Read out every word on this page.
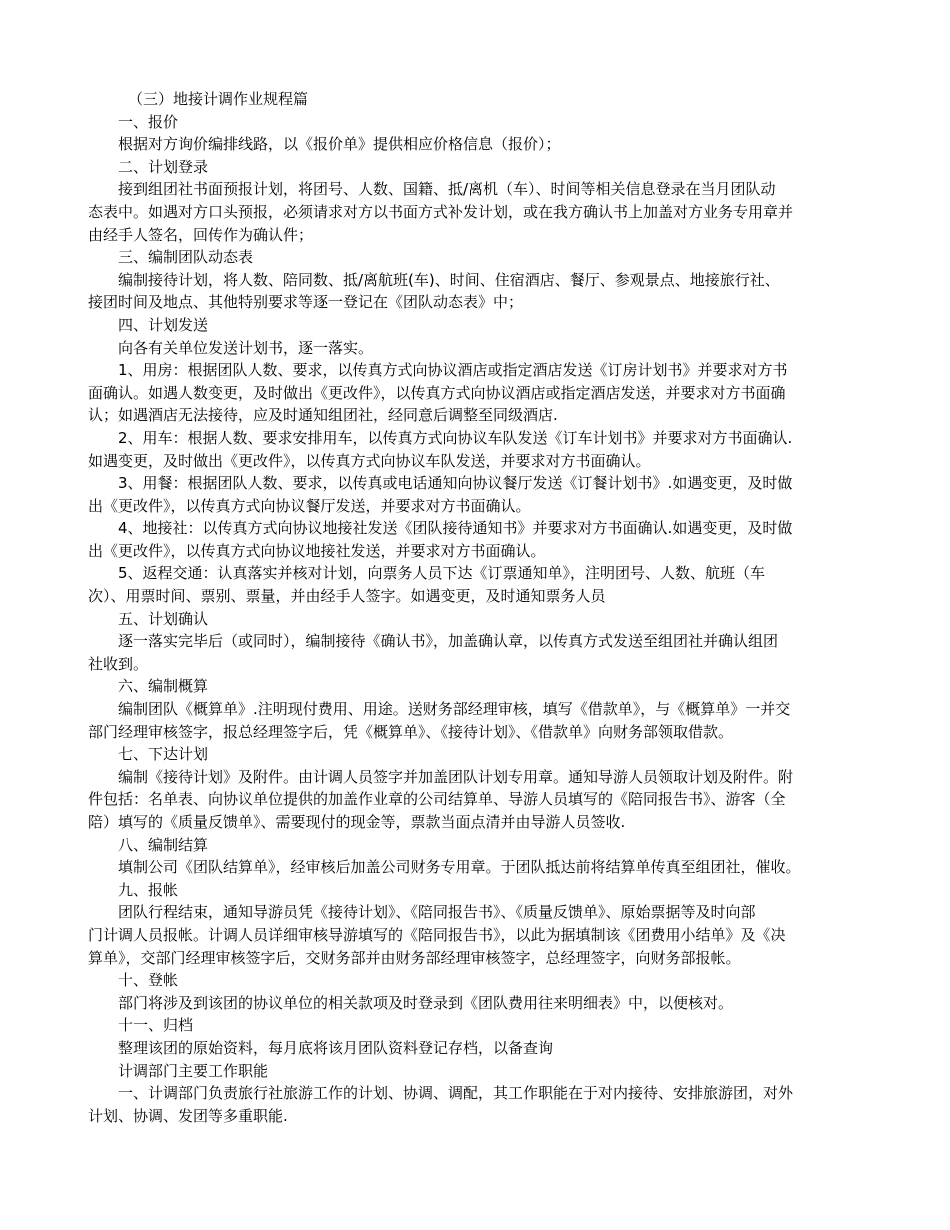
（三）地接计调作业规程篇
一、报价
根据对方询价编排线路，以《报价单》提供相应价格信息（报价）；
二、计划登录
接到组团社书面预报计划，将团号、人数、国籍、抵/离机（车）、时间等相关信息登录在当月团队动
态表中。如遇对方口头预报，必须请求对方以书面方式补发计划，或在我方确认书上加盖对方业务专用章并
由经手人签名，回传作为确认件；
三、编制团队动态表
编制接待计划，将人数、陪同数、抵/离航班(车)、时间、住宿酒店、餐厅、参观景点、地接旅行社、
接团时间及地点、其他特别要求等逐一登记在《团队动态表》中；
四、计划发送
向各有关单位发送计划书，逐一落实。
1、用房：根据团队人数、要求，以传真方式向协议酒店或指定酒店发送《订房计划书》并要求对方书
面确认。如遇人数变更，及时做出《更改件》，以传真方式向协议酒店或指定酒店发送，并要求对方书面确
认；如遇酒店无法接待，应及时通知组团社，经同意后调整至同级酒店.
2、用车：根据人数、要求安排用车，以传真方式向协议车队发送《订车计划书》并要求对方书面确认.
如遇变更，及时做出《更改件》，以传真方式向协议车队发送，并要求对方书面确认。
3、用餐：根据团队人数、要求，以传真或电话通知向协议餐厅发送《订餐计划书》.如遇变更，及时做
出《更改件》，以传真方式向协议餐厅发送，并要求对方书面确认。
4、地接社：以传真方式向协议地接社发送《团队接待通知书》并要求对方书面确认.如遇变更，及时做
出《更改件》，以传真方式向协议地接社发送，并要求对方书面确认。
5、返程交通：认真落实并核对计划，向票务人员下达《订票通知单》，注明团号、人数、航班（车
次）、用票时间、票别、票量，并由经手人签字。如遇变更，及时通知票务人员
五、计划确认
逐一落实完毕后（或同时），编制接待《确认书》，加盖确认章，以传真方式发送至组团社并确认组团
社收到。
六、编制概算
编制团队《概算单》.注明现付费用、用途。送财务部经理审核，填写《借款单》，与《概算单》一并交
部门经理审核签字，报总经理签字后，凭《概算单》、《接待计划》、《借款单》向财务部领取借款。
七、下达计划
编制《接待计划》及附件。由计调人员签字并加盖团队计划专用章。通知导游人员领取计划及附件。附
件包括：名单表、向协议单位提供的加盖作业章的公司结算单、导游人员填写的《陪同报告书》、游客（全
陪）填写的《质量反馈单》、需要现付的现金等，票款当面点清并由导游人员签收.
八、编制结算
填制公司《团队结算单》，经审核后加盖公司财务专用章。于团队抵达前将结算单传真至组团社，催收。
九、报帐
团队行程结束，通知导游员凭《接待计划》、《陪同报告书》、《质量反馈单》、原始票据等及时向部
门计调人员报帐。计调人员详细审核导游填写的《陪同报告书》，以此为据填制该《团费用小结单》及《决
算单》，交部门经理审核签字后，交财务部并由财务部经理审核签字，总经理签字，向财务部报帐。
十、登帐
部门将涉及到该团的协议单位的相关款项及时登录到《团队费用往来明细表》中，以便核对。
十一、归档
整理该团的原始资料，每月底将该月团队资料登记存档，以备查询
计调部门主要工作职能
一、计调部门负责旅行社旅游工作的计划、协调、调配，其工作职能在于对内接待、安排旅游团，对外
计划、协调、发团等多重职能.
